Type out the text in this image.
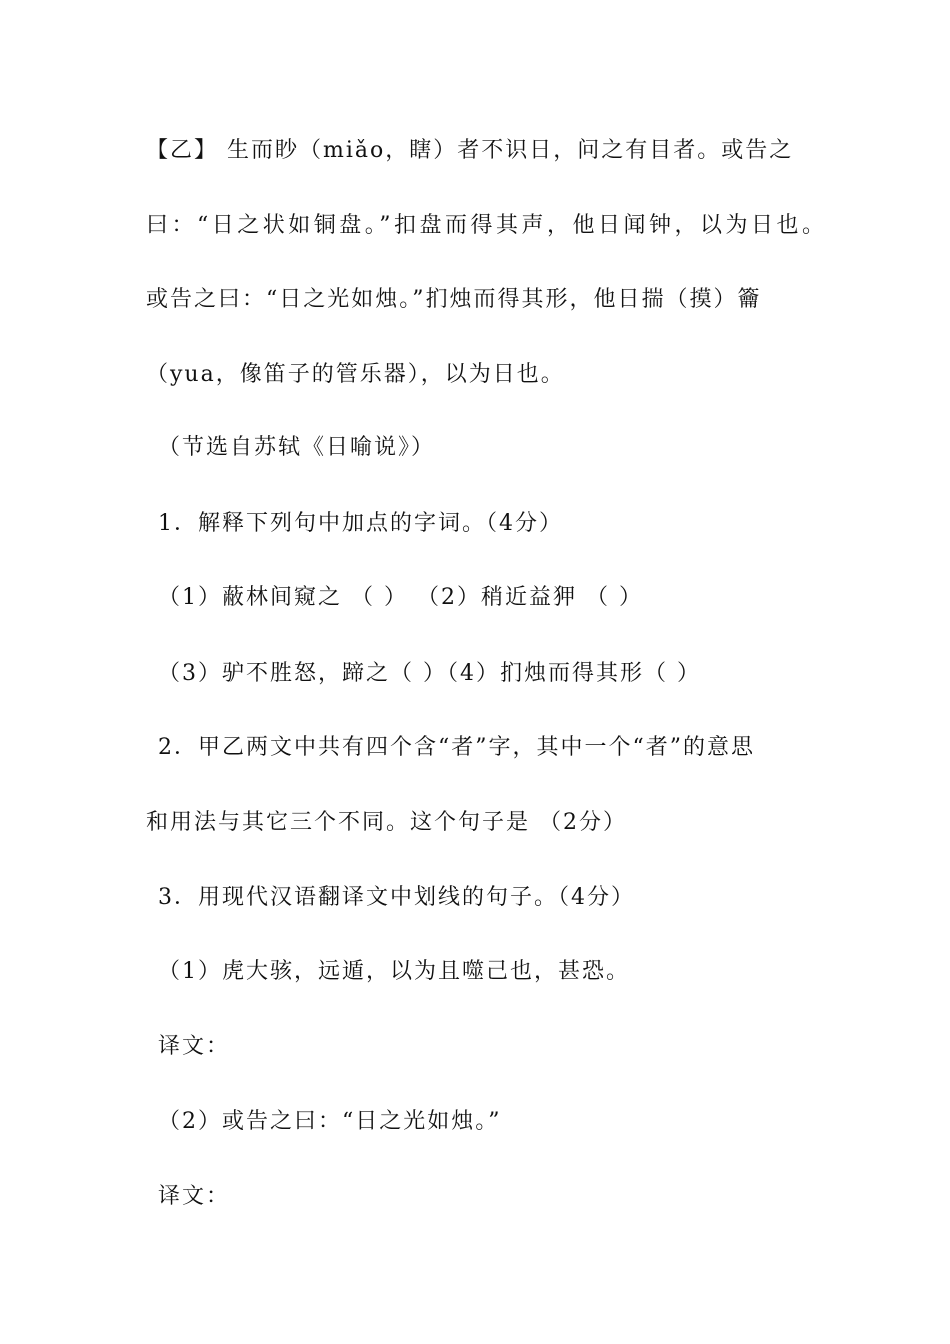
【乙】 生而眇（miǎo，瞎）者不识日，问之有目者。或告之
曰：“日之状如铜盘。”扣盘而得其声，他日闻钟，以为日也。
或告之曰：“日之光如烛。”扪烛而得其形，他日揣（摸）籥
（yua，像笛子的管乐器），以为日也。
（节选自苏轼《日喻说》）
1．解释下列句中加点的字词。（4分）
（1）蔽林间窥之 （ ） （2）稍近益狎 （ ）
（3）驴不胜怒，蹄之（ ）（4）扪烛而得其形（ ）
2．甲乙两文中共有四个含“者”字，其中一个“者”的意思
和用法与其它三个不同。这个句子是 （2分）
3．用现代汉语翻译文中划线的句子。（4分）
（1）虎大骇，远遁，以为且噬己也，甚恐。
译文：
（2）或告之曰：“日之光如烛。”
译文：
